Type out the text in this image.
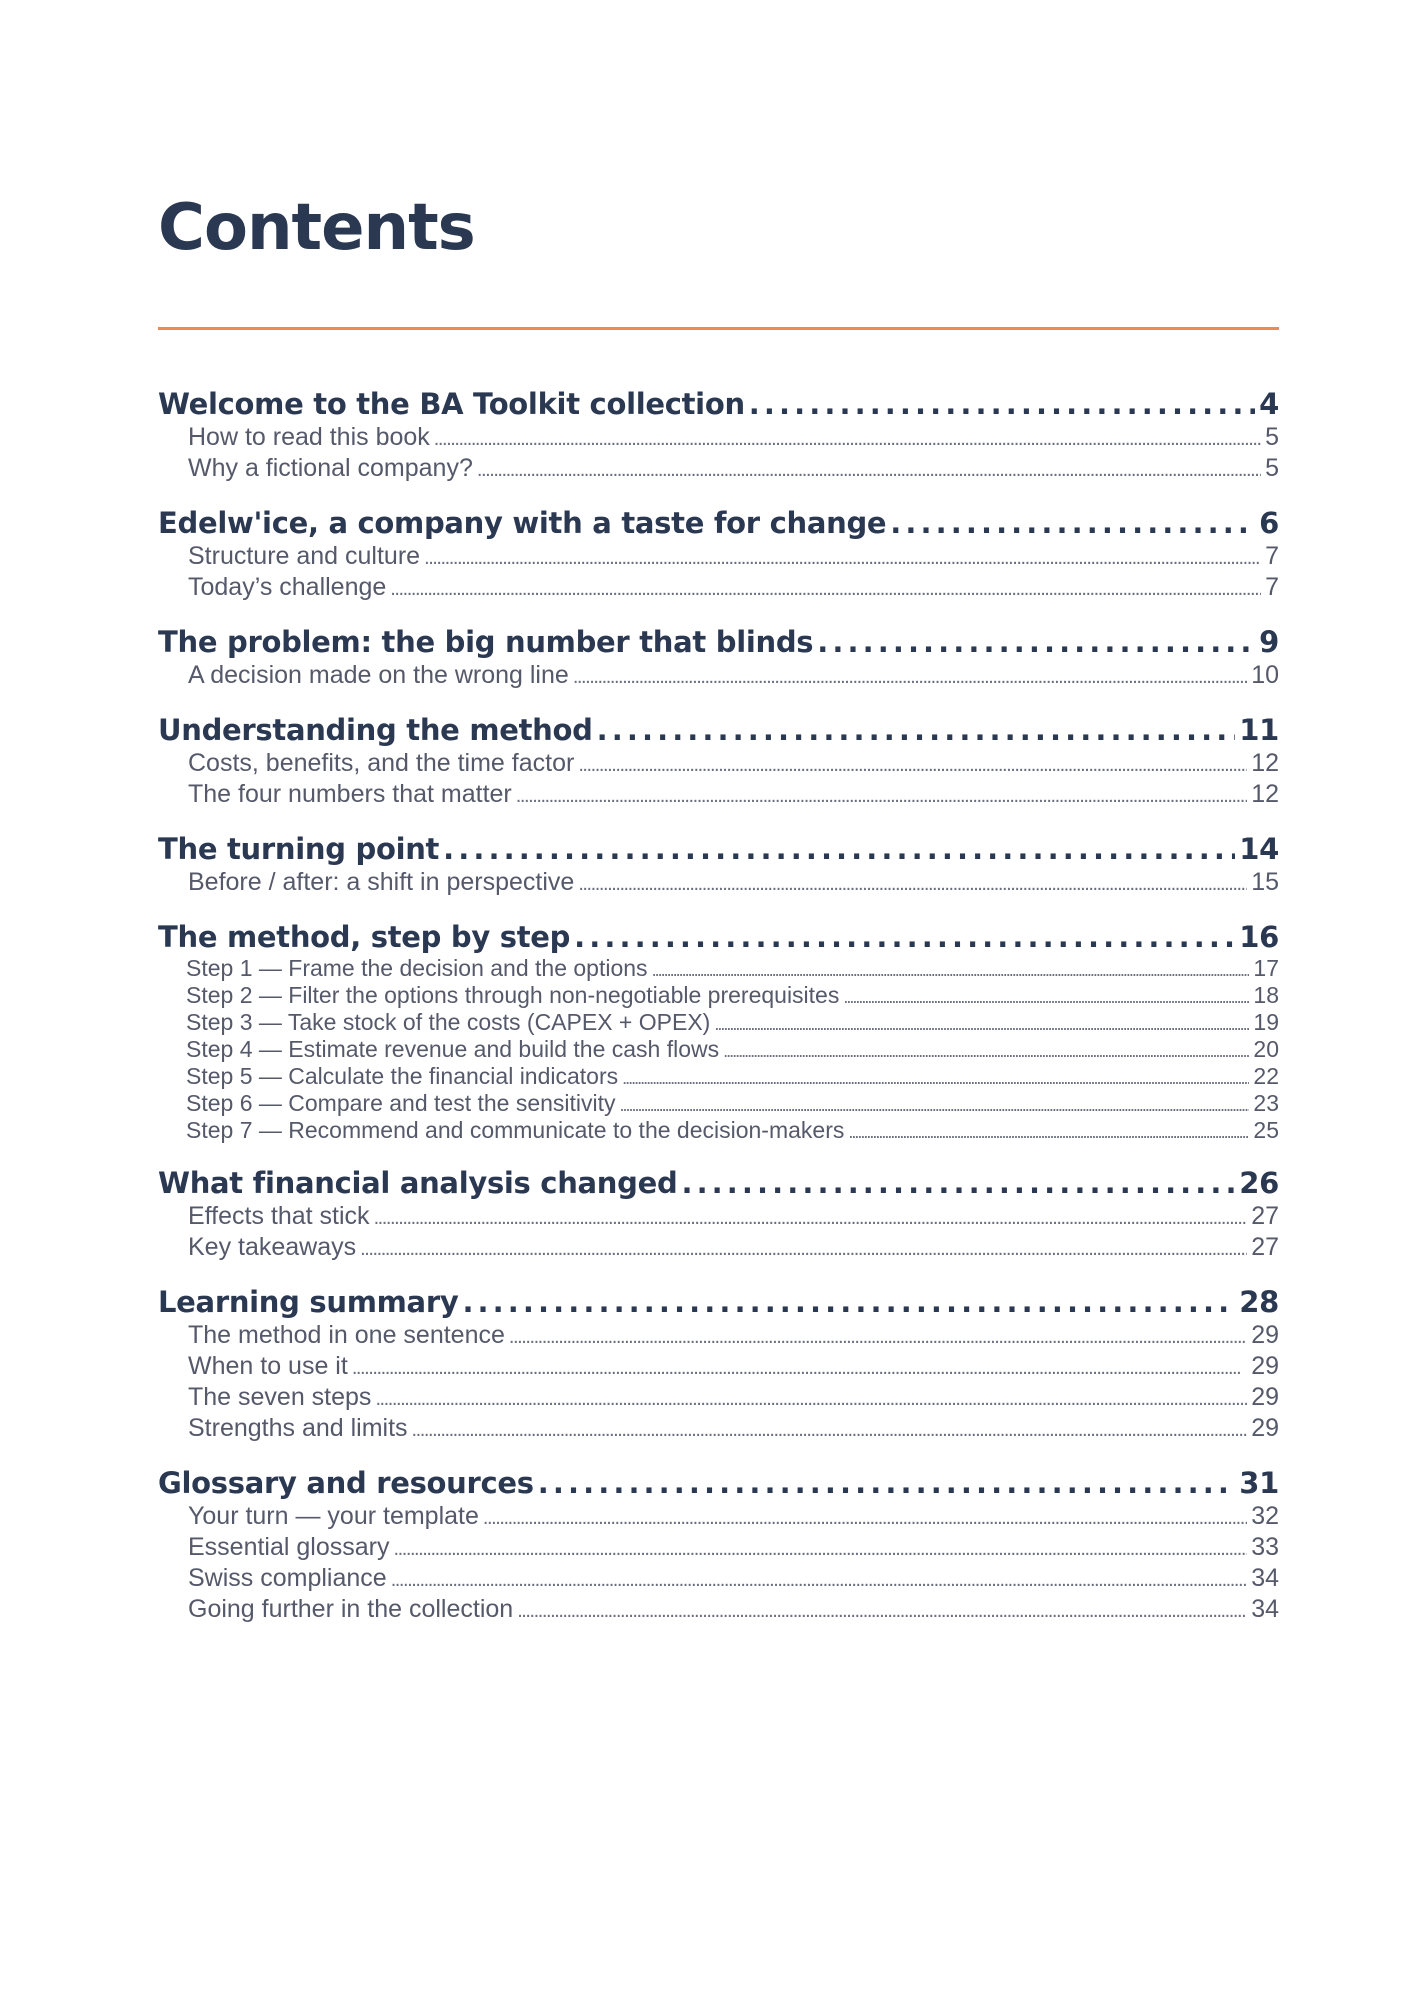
Contents
Welcome to the BA Toolkit collection . . .	4
How to read this book . . .	5
Why a fictional company? . . .	5
Edelw'ice, a company with a taste for change . . .	6
Structure and culture . . .	7
Today’s challenge . . .	7
The problem: the big number that blinds . . .	9
A decision made on the wrong line . . .	10
Understanding the method . . .	11
Costs, benefits, and the time factor . . .	12
The four numbers that matter . . .	12
The turning point . . .	14
Before / after: a shift in perspective . . .	15
The method, step by step . . .	16
Step 1 — Frame the decision and the options . . .	17
Step 2 — Filter the options through non-negotiable prerequisites . . .	18
Step 3 — Take stock of the costs (CAPEX + OPEX) . . .	19
Step 4 — Estimate revenue and build the cash flows . . .	20
Step 5 — Calculate the financial indicators . . .	22
Step 6 — Compare and test the sensitivity . . .	23
Step 7 — Recommend and communicate to the decision-makers . . .	25
What financial analysis changed . . .	26
Effects that stick . . .	27
Key takeaways . . .	27
Learning summary . . .	28
The method in one sentence . . .	29
When to use it . . .	29
The seven steps . . .	29
Strengths and limits . . .	29
Glossary and resources . . .	31
Your turn — your template . . .	32
Essential glossary . . .	33
Swiss compliance . . .	34
Going further in the collection . . .	34
